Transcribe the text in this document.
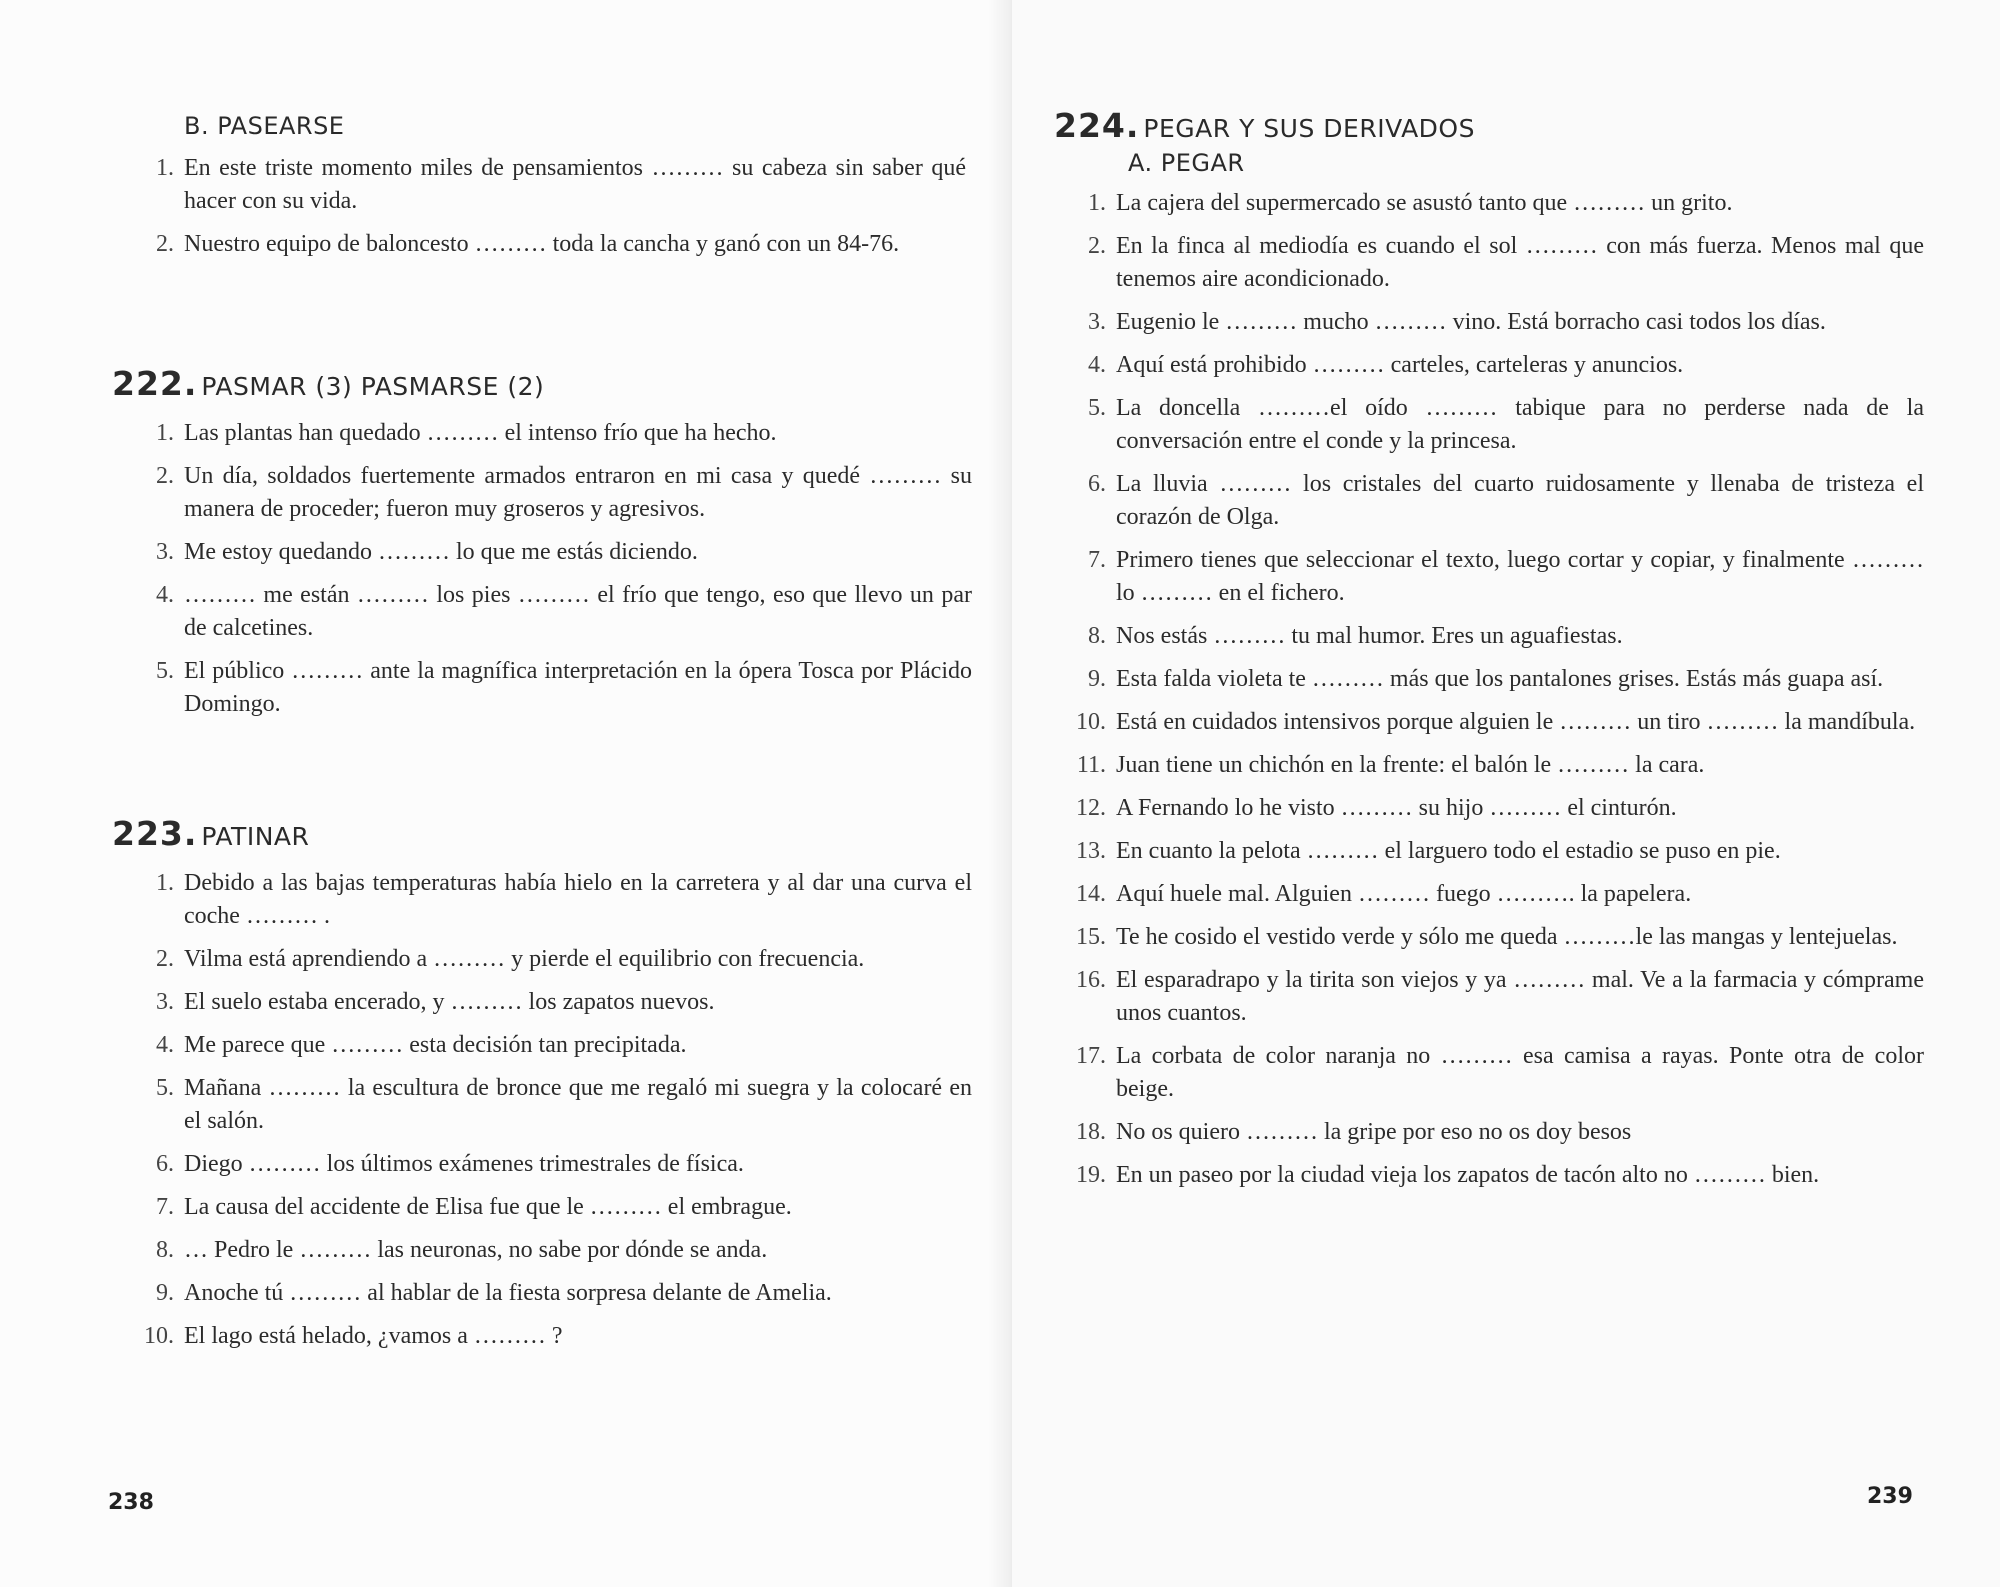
B. PASEARSE
1. En este triste momento miles de pensamientos ……… su cabeza sin saber qué hacer con su vida.
2. Nuestro equipo de baloncesto ……… toda la cancha y ganó con un 84-76.
222. PASMAR (3) PASMARSE (2)
1. Las plantas han quedado ……… el intenso frío que ha hecho.
2. Un día, soldados fuertemente armados entraron en mi casa y quedé ……… su manera de proceder; fueron muy groseros y agresivos.
3. Me estoy quedando ……… lo que me estás diciendo.
4. ……… me están ……… los pies ……… el frío que tengo, eso que llevo un par de calcetines.
5. El público ……… ante la magnífica interpretación en la ópera Tosca por Plácido Domingo.
223. PATINAR
1. Debido a las bajas temperaturas había hielo en la carretera y al dar una curva el coche ……… .
2. Vilma está aprendiendo a ……… y pierde el equilibrio con frecuencia.
3. El suelo estaba encerado, y ……… los zapatos nuevos.
4. Me parece que ……… esta decisión tan precipitada.
5. Mañana ……… la escultura de bronce que me regaló mi suegra y la colocaré en el salón.
6. Diego ……… los últimos exámenes trimestrales de física.
7. La causa del accidente de Elisa fue que le ……… el embrague.
8. … Pedro le ……… las neuronas, no sabe por dónde se anda.
9. Anoche tú ……… al hablar de la fiesta sorpresa delante de Amelia.
10. El lago está helado, ¿vamos a ……… ?
238
224. PEGAR Y SUS DERIVADOS
A. PEGAR
1. La cajera del supermercado se asustó tanto que ……… un grito.
2. En la finca al mediodía es cuando el sol ……… con más fuerza. Menos mal que tenemos aire acondicionado.
3. Eugenio le ……… mucho ……… vino. Está borracho casi todos los días.
4. Aquí está prohibido ……… carteles, carteleras y anuncios.
5. La doncella ………el oído ……… tabique para no perderse nada de la conversación entre el conde y la princesa.
6. La lluvia ……… los cristales del cuarto ruidosamente y llenaba de tristeza el corazón de Olga.
7. Primero tienes que seleccionar el texto, luego cortar y copiar, y finalmente ………lo ……… en el fichero.
8. Nos estás ……… tu mal humor. Eres un aguafiestas.
9. Esta falda violeta te ……… más que los pantalones grises. Estás más guapa así.
10. Está en cuidados intensivos porque alguien le ……… un tiro ……… la mandíbula.
11. Juan tiene un chichón en la frente: el balón le ……… la cara.
12. A Fernando lo he visto ……… su hijo ……… el cinturón.
13. En cuanto la pelota ……… el larguero todo el estadio se puso en pie.
14. Aquí huele mal. Alguien ……… fuego ………. la papelera.
15. Te he cosido el vestido verde y sólo me queda ………le las mangas y lentejuelas.
16. El esparadrapo y la tirita son viejos y ya ……… mal. Ve a la farmacia y cómprame unos cuantos.
17. La corbata de color naranja no ……… esa camisa a rayas. Ponte otra de color beige.
18. No os quiero ……… la gripe por eso no os doy besos
19. En un paseo por la ciudad vieja los zapatos de tacón alto no ……… bien.
239
